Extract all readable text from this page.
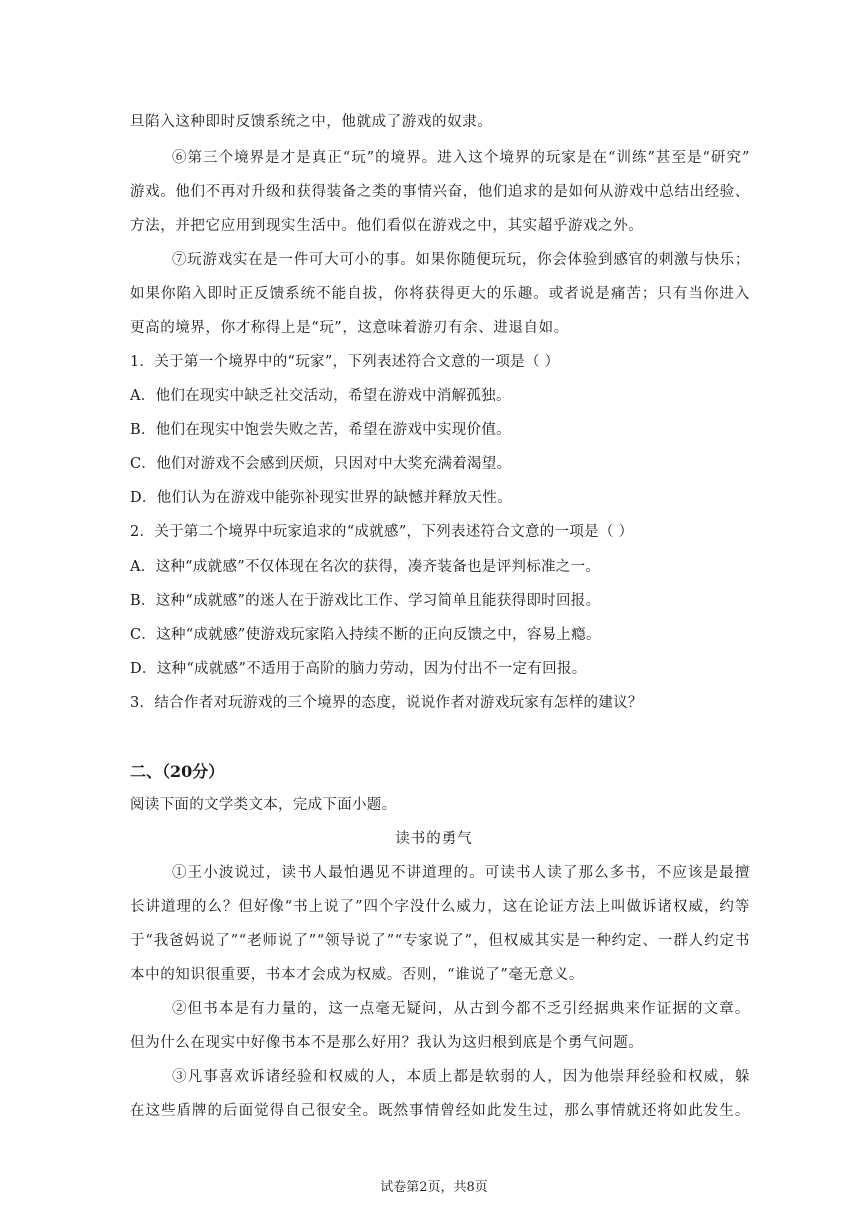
旦陷入这种即时反馈系统之中，他就成了游戏的奴隶。
⑥第三个境界是才是真正“玩”的境界。进入这个境界的玩家是在“训练”甚至是“研究”
游戏。他们不再对升级和获得装备之类的事情兴奋，他们追求的是如何从游戏中总结出经验、
方法，并把它应用到现实生活中。他们看似在游戏之中，其实超乎游戏之外。
⑦玩游戏实在是一件可大可小的事。如果你随便玩玩，你会体验到感官的刺激与快乐；
如果你陷入即时正反馈系统不能自拔，你将获得更大的乐趣。或者说是痛苦；只有当你进入
更高的境界，你才称得上是“玩”，这意味着游刃有余、进退自如。
1．关于第一个境界中的“玩家”，下列表述符合文意的一项是（ ）
A．他们在现实中缺乏社交活动，希望在游戏中消解孤独。
B．他们在现实中饱尝失败之苦，希望在游戏中实现价值。
C．他们对游戏不会感到厌烦，只因对中大奖充满着渴望。
D．他们认为在游戏中能弥补现实世界的缺憾并释放天性。
2．关于第二个境界中玩家追求的“成就感”，下列表述符合文意的一项是（ ）
A．这种“成就感”不仅体现在名次的获得，凑齐装备也是评判标准之一。
B．这种“成就感”的迷人在于游戏比工作、学习简单且能获得即时回报。
C．这种“成就感”使游戏玩家陷入持续不断的正向反馈之中，容易上瘾。
D．这种“成就感”不适用于高阶的脑力劳动，因为付出不一定有回报。
3．结合作者对玩游戏的三个境界的态度，说说作者对游戏玩家有怎样的建议？
二、（20分）
阅读下面的文学类文本，完成下面小题。
读书的勇气
①王小波说过，读书人最怕遇见不讲道理的。可读书人读了那么多书，不应该是最擅
长讲道理的么？但好像“书上说了”四个字没什么威力，这在论证方法上叫做诉诸权威，约等
于“我爸妈说了”“老师说了”“领导说了”“专家说了”，但权威其实是一种约定、一群人约定书
本中的知识很重要，书本才会成为权威。否则，“谁说了”毫无意义。
②但书本是有力量的，这一点毫无疑问，从古到今都不乏引经据典来作证据的文章。
但为什么在现实中好像书本不是那么好用？我认为这归根到底是个勇气问题。
③凡事喜欢诉诸经验和权威的人，本质上都是软弱的人，因为他崇拜经验和权威，躲
在这些盾牌的后面觉得自己很安全。既然事情曾经如此发生过，那么事情就还将如此发生。
试卷第2页，共8页
